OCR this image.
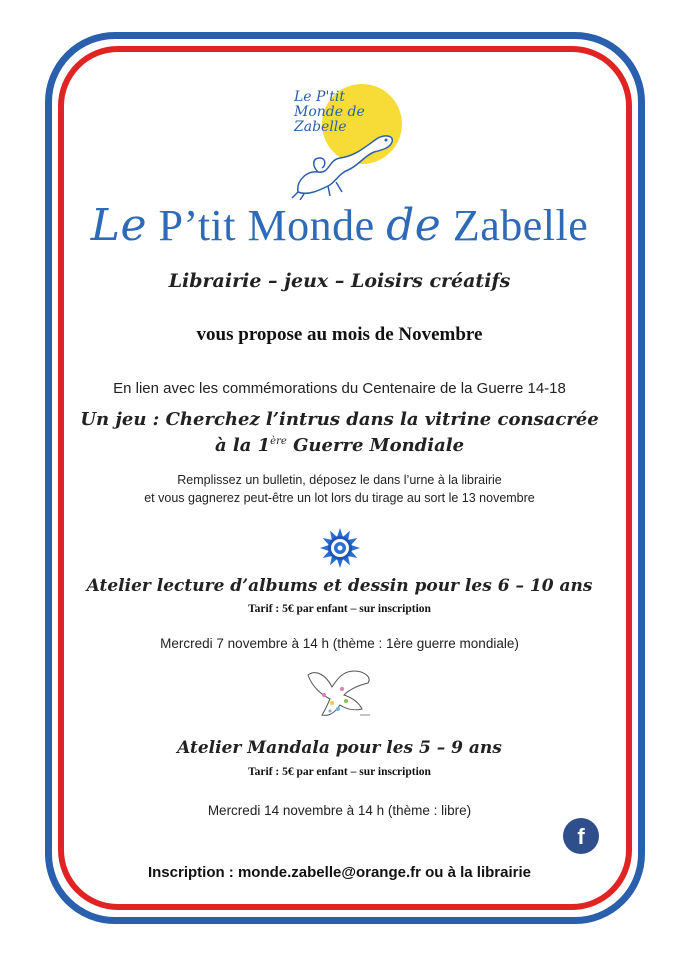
Le P'tit
Monde de
Zabelle
Le P’tit Monde de Zabelle
Librairie – jeux – Loisirs créatifs
vous propose au mois de Novembre
En lien avec les commémorations du Centenaire de la Guerre 14-18
Un jeu : Cherchez l’intrus dans la vitrine consacrée
à la 1ère Guerre Mondiale
Remplissez un bulletin, déposez le dans l’urne à la librairie
et vous gagnerez peut-être un lot lors du tirage au sort le 13 novembre
Atelier lecture d’albums et dessin pour les 6 – 10 ans
Tarif : 5€ par enfant – sur inscription
Mercredi 7 novembre à 14 h (thème : 1ère guerre mondiale)
Atelier Mandala pour les 5 – 9 ans
Tarif : 5€ par enfant – sur inscription
Mercredi 14 novembre à 14 h (thème : libre)
f
Inscription : monde.zabelle@orange.fr ou à la librairie
